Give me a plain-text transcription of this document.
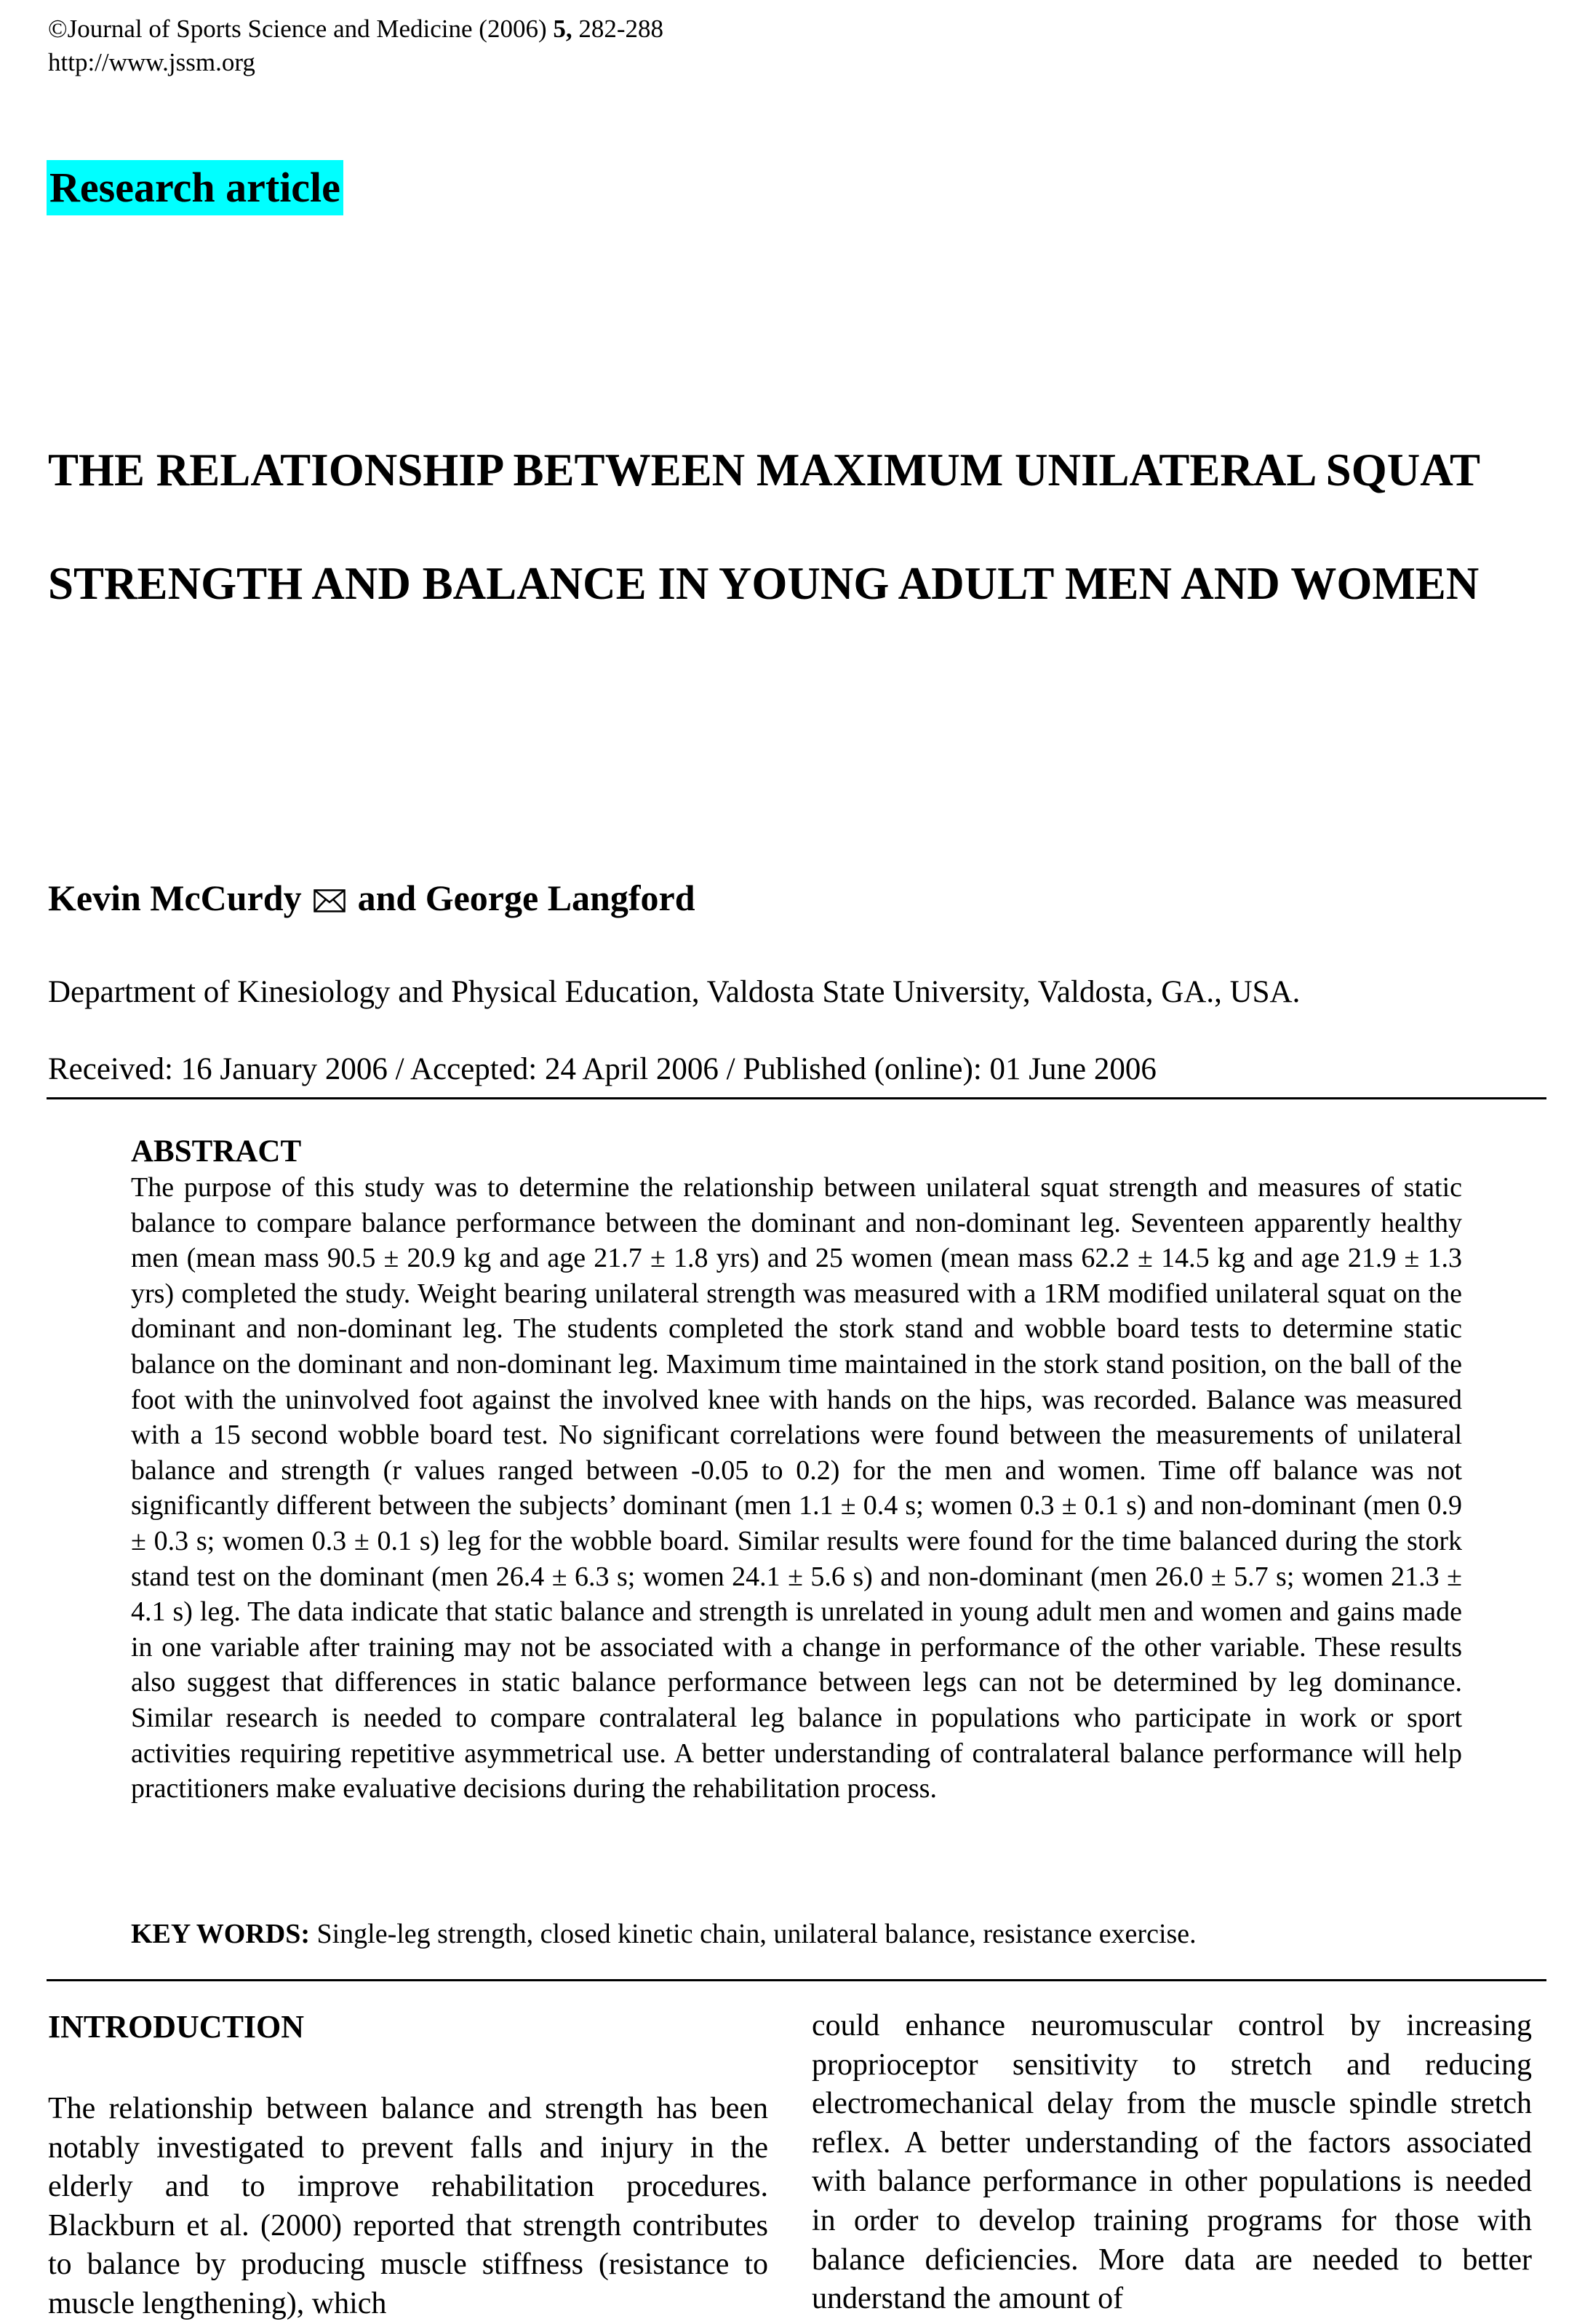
©Journal of Sports Science and Medicine (2006) 5, 282-288
http://www.jssm.org
Research article
THE RELATIONSHIP BETWEEN MAXIMUM UNILATERAL SQUAT STRENGTH AND BALANCE IN YOUNG ADULT MEN AND WOMEN
Kevin McCurdy  and George Langford
Department of Kinesiology and Physical Education, Valdosta State University, Valdosta, GA., USA.
Received: 16 January 2006 / Accepted: 24 April 2006 / Published (online): 01 June 2006
ABSTRACT

The purpose of this study was to determine the relationship between unilateral squat strength and measures of static balance to compare balance performance between the dominant and non-dominant leg. Seventeen apparently healthy men (mean mass 90.5 ± 20.9 kg and age 21.7 ± 1.8 yrs) and 25 women (mean mass 62.2 ± 14.5 kg and age 21.9 ± 1.3 yrs) completed the study. Weight bearing unilateral strength was measured with a 1RM modified unilateral squat on the dominant and non-dominant leg. The students completed the stork stand and wobble board tests to determine static balance on the dominant and non-dominant leg. Maximum time maintained in the stork stand position, on the ball of the foot with the uninvolved foot against the involved knee with hands on the hips, was recorded. Balance was measured with a 15 second wobble board test. No significant correlations were found between the measurements of unilateral balance and strength (r values ranged between -0.05 to 0.2) for the men and women. Time off balance was not significantly different between the subjects’ dominant (men 1.1 ± 0.4 s; women 0.3 ± 0.1 s) and non-dominant (men 0.9 ± 0.3 s; women 0.3 ± 0.1 s) leg for the wobble board. Similar results were found for the time balanced during the stork stand test on the dominant (men 26.4 ± 6.3 s; women 24.1 ± 5.6 s) and non-dominant (men 26.0 ± 5.7 s; women 21.3 ± 4.1 s) leg. The data indicate that static balance and strength is unrelated in young adult men and women and gains made in one variable after training may not be associated with a change in performance of the other variable. These results also suggest that differences in static balance performance between legs can not be determined by leg dominance. Similar research is needed to compare contralateral leg balance in populations who participate in work or sport activities requiring repetitive asymmetrical use. A better understanding of contralateral balance performance will help practitioners make evaluative decisions during the rehabilitation process.

KEY WORDS: Single-leg strength, closed kinetic chain, unilateral balance, resistance exercise.
INTRODUCTION

The relationship between balance and strength has been notably investigated to prevent falls and injury in the elderly and to improve rehabilitation procedures. Blackburn et al. (2000) reported that strength contributes to balance by producing muscle stiffness (resistance to muscle lengthening), which

could enhance neuromuscular control by increasing proprioceptor sensitivity to stretch and reducing electromechanical delay from the muscle spindle stretch reflex. A better understanding of the factors associated with balance performance in other populations is needed in order to develop training programs for those with balance deficiencies. More data are needed to better understand the amount of
